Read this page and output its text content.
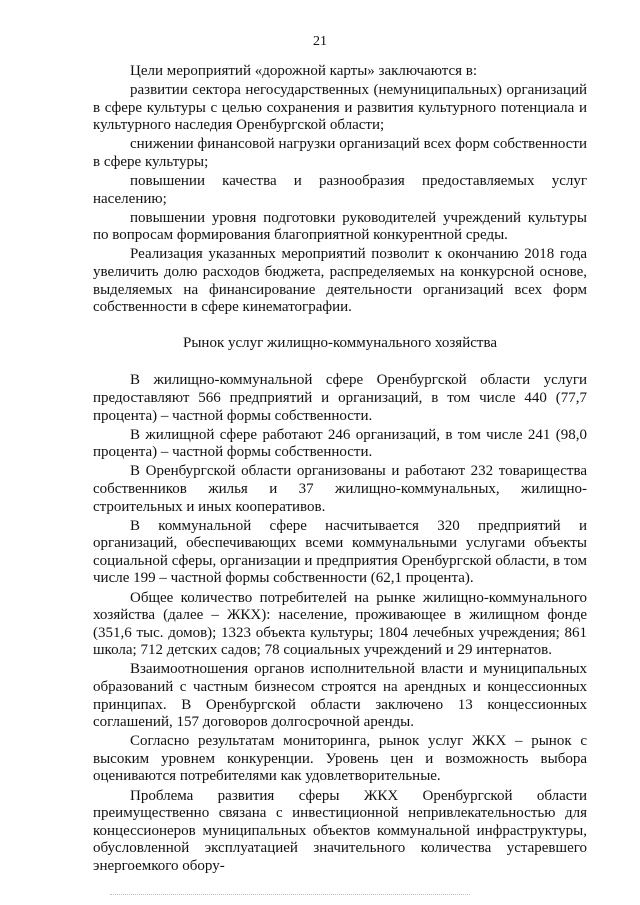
21

Цели мероприятий «дорожной карты» заключаются в:

развитии сектора негосударственных (немуниципальных) организаций в сфере культуры с целью сохранения и развития культурного потенциала и культурного наследия Оренбургской области;

снижении финансовой нагрузки организаций всех форм собственности в сфере культуры;

повышении качества и разнообразия предоставляемых услуг населению;

повышении уровня подготовки руководителей учреждений культуры по вопросам формирования благоприятной конкурентной среды.

Реализация указанных мероприятий позволит к окончанию 2018 года увеличить долю расходов бюджета, распределяемых на конкурсной основе, выделяемых на финансирование деятельности организаций всех форм собственности в сфере кинематографии.

Рынок услуг жилищно-коммунального хозяйства

В жилищно-коммунальной сфере Оренбургской области услуги предоставляют 566 предприятий и организаций, в том числе 440 (77,7 процента) – частной формы собственности.

В жилищной сфере работают 246 организаций, в том числе 241 (98,0 процента) – частной формы собственности.

В Оренбургской области организованы и работают 232 товарищества собственников жилья и 37 жилищно-коммунальных, жилищно-строительных и иных кооперативов.

В коммунальной сфере насчитывается 320 предприятий и организаций, обеспечивающих всеми коммунальными услугами объекты социальной сферы, организации и предприятия Оренбургской области, в том числе 199 – частной формы собственности (62,1 процента).

Общее количество потребителей на рынке жилищно-коммунального хозяйства (далее – ЖКХ): население, проживающее в жилищном фонде (351,6 тыс. домов); 1323 объекта культуры; 1804 лечебных учреждения; 861 школа; 712 детских садов; 78 социальных учреждений и 29 интернатов.

Взаимоотношения органов исполнительной власти и муниципальных образований с частным бизнесом строятся на арендных и концессионных принципах. В Оренбургской области заключено 13 концессионных соглашений, 157 договоров долгосрочной аренды.

Согласно результатам мониторинга, рынок услуг ЖКХ – рынок с высоким уровнем конкуренции. Уровень цен и возможность выбора оцениваются потребителями как удовлетворительные.

Проблема развития сферы ЖКХ Оренбургской области преимущественно связана с инвестиционной непривлекательностью для концессионеров муниципальных объектов коммунальной инфраструктуры, обусловленной эксплуатацией значительного количества устаревшего энергоемкого обору-
